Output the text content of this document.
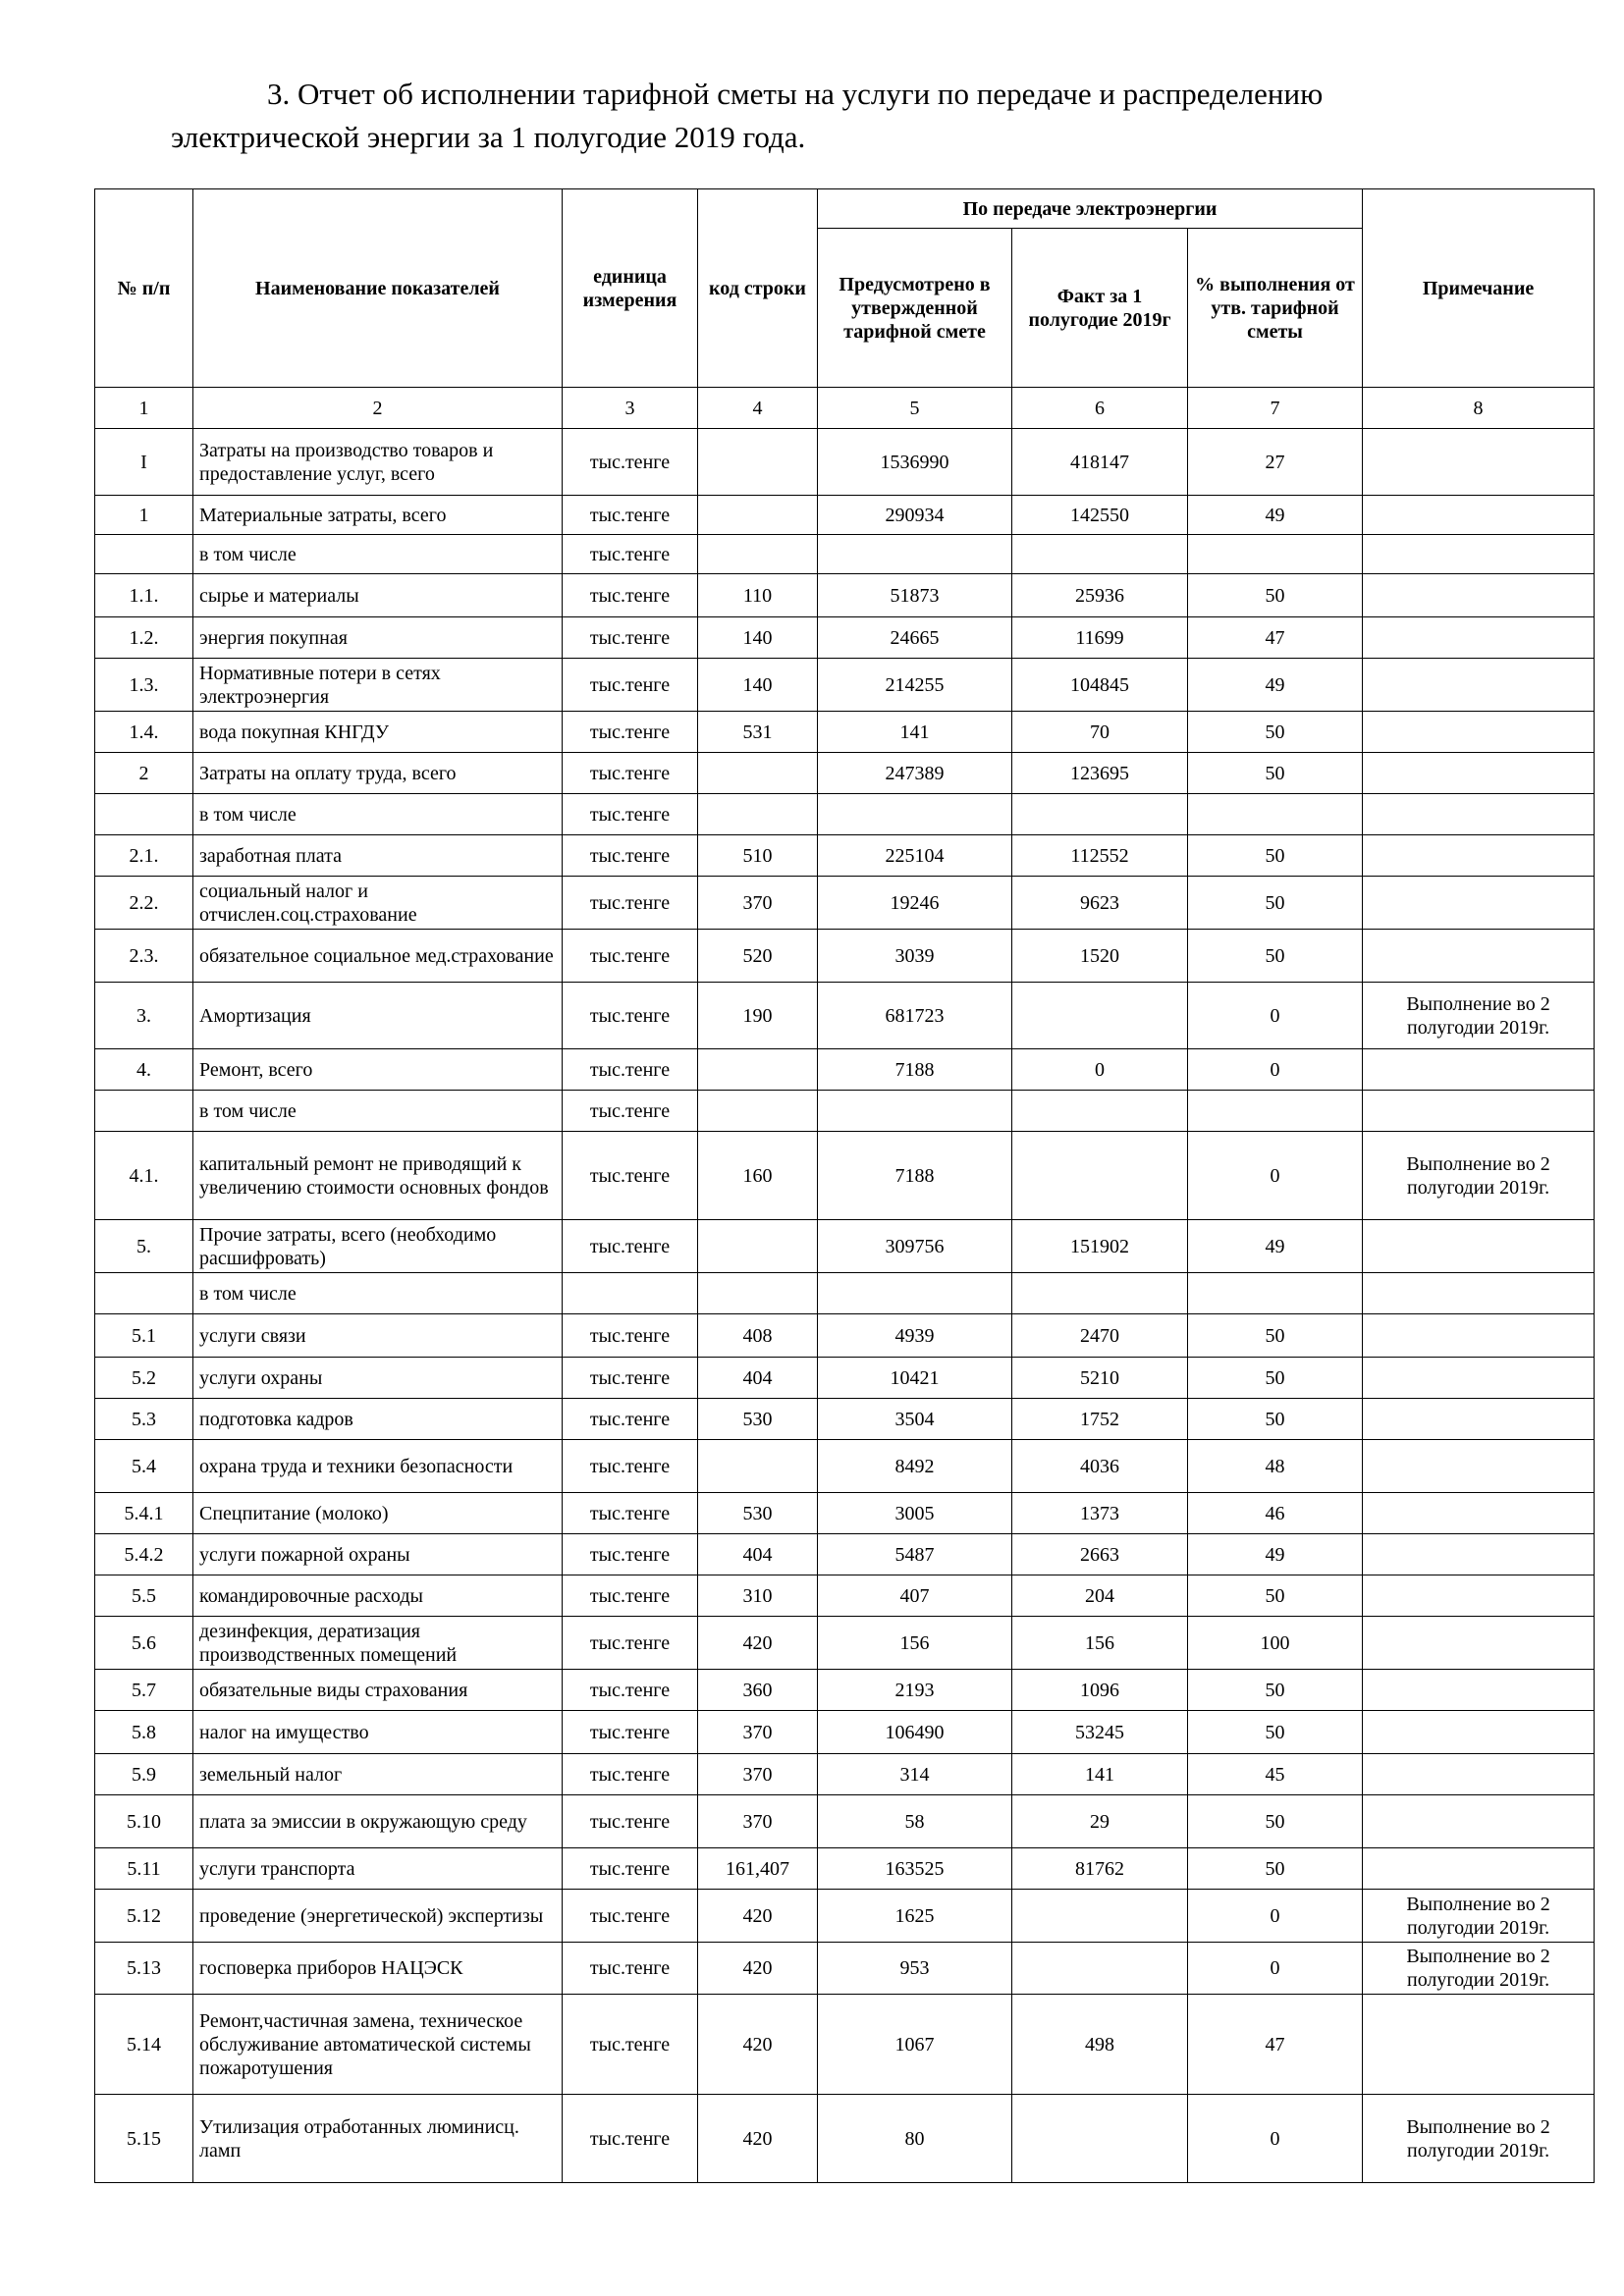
3. Отчет об исполнении тарифной сметы на услуги по передаче и распределению
электрической энергии за 1 полугодие 2019 года.
№ п/п	Наименование показателей	единица измерения	код строки	По передаче электроэнергии			Примечание
				Предусмотрено в утвержденной тарифной смете	Факт за 1 полугодие 2019г	% выполнения от утв. тарифной сметы	
1	2	3	4	5	6	7	8
I	Затраты на производство товаров и предоставление услуг, всего	тыс.тенге		1536990	418147	27	
1	Материальные затраты, всего	тыс.тенге		290934	142550	49	
	в том числе	тыс.тенге					
1.1.	сырье и материалы	тыс.тенге	110	51873	25936	50	
1.2.	энергия покупная	тыс.тенге	140	24665	11699	47	
1.3.	Нормативные потери в сетях электроэнергия	тыс.тенге	140	214255	104845	49	
1.4.	вода покупная КНГДУ	тыс.тенге	531	141	70	50	
2	Затраты на оплату труда, всего	тыс.тенге		247389	123695	50	
	в том числе	тыс.тенге					
2.1.	заработная плата	тыс.тенге	510	225104	112552	50	
2.2.	социальный налог и отчислен.соц.страхование	тыс.тенге	370	19246	9623	50	
2.3.	обязательное социальное мед.страхование	тыс.тенге	520	3039	1520	50	
3.	Амортизация	тыс.тенге	190	681723		0	Выполнение во 2 полугодии 2019г.
4.	Ремонт, всего	тыс.тенге		7188	0	0	
	в том числе	тыс.тенге					
4.1.	капитальный ремонт не приводящий к увеличению стоимости основных фондов	тыс.тенге	160	7188		0	Выполнение во 2 полугодии 2019г.
5.	Прочие затраты, всего (необходимо расшифровать)	тыс.тенге		309756	151902	49	
	в том числе						
5.1	услуги связи	тыс.тенге	408	4939	2470	50	
5.2	услуги охраны	тыс.тенге	404	10421	5210	50	
5.3	подготовка кадров	тыс.тенге	530	3504	1752	50	
5.4	охрана труда и техники безопасности	тыс.тенге		8492	4036	48	
5.4.1	Спецпитание (молоко)	тыс.тенге	530	3005	1373	46	
5.4.2	услуги пожарной охраны	тыс.тенге	404	5487	2663	49	
5.5	командировочные расходы	тыс.тенге	310	407	204	50	
5.6	дезинфекция, дератизация производственных помещений	тыс.тенге	420	156	156	100	
5.7	обязательные виды страхования	тыс.тенге	360	2193	1096	50	
5.8	налог на имущество	тыс.тенге	370	106490	53245	50	
5.9	земельный налог	тыс.тенге	370	314	141	45	
5.10	плата за эмиссии в окружающую среду	тыс.тенге	370	58	29	50	
5.11	услуги транспорта	тыс.тенге	161,407	163525	81762	50	
5.12	проведение (энергетической) экспертизы	тыс.тенге	420	1625		0	Выполнение во 2 полугодии 2019г.
5.13	госповерка приборов НАЦЭСК	тыс.тенге	420	953		0	Выполнение во 2 полугодии 2019г.
5.14	Ремонт,частичная замена, техническое обслуживание автоматической системы пожаротушения	тыс.тенге	420	1067	498	47	
5.15	Утилизация отработанных люминисц. ламп	тыс.тенге	420	80		0	Выполнение во 2 полугодии 2019г.
